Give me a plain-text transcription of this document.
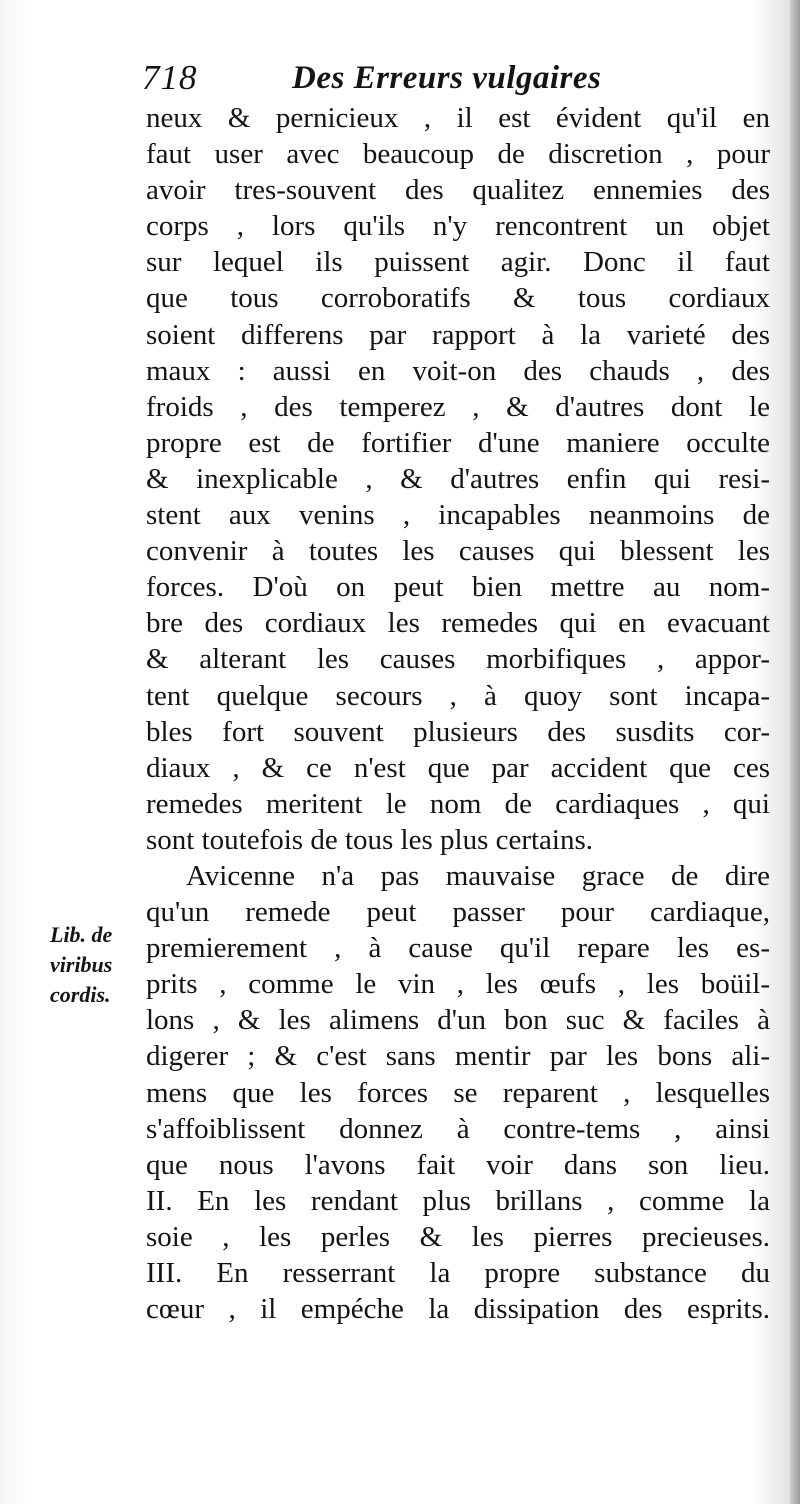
718	Des Erreurs vulgaires
Lib. de
viribus
cordis.
neux & pernicieux , il est évident qu'il en
faut user avec beaucoup de discretion , pour
avoir tres-souvent des qualitez ennemies des
corps , lors qu'ils n'y rencontrent un objet
sur lequel ils puissent agir. Donc il faut
que tous corroboratifs & tous cordiaux
soient differens par rapport à la varieté des
maux : aussi en voit-on des chauds , des
froids , des temperez , & d'autres dont le
propre est de fortifier d'une maniere occulte
& inexplicable , & d'autres enfin qui resi-
stent aux venins , incapables neanmoins de
convenir à toutes les causes qui blessent les
forces. D'où on peut bien mettre au nom-
bre des cordiaux les remedes qui en evacuant
& alterant les causes morbifiques , appor-
tent quelque secours , à quoy sont incapa-
bles fort souvent plusieurs des susdits cor-
diaux , & ce n'est que par accident que ces
remedes meritent le nom de cardiaques , qui
sont toutefois de tous les plus certains.
Avicenne n'a pas mauvaise grace de dire
qu'un remede peut passer pour cardiaque,
premierement , à cause qu'il repare les es-
prits , comme le vin , les œufs , les boüil-
lons , & les alimens d'un bon suc & faciles à
digerer ; & c'est sans mentir par les bons ali-
mens que les forces se reparent , lesquelles
s'affoiblissent donnez à contre-tems , ainsi
que nous l'avons fait voir dans son lieu.
II. En les rendant plus brillans , comme la
soie , les perles & les pierres precieuses.
III. En resserrant la propre substance du
cœur , il empéche la dissipation des esprits.
